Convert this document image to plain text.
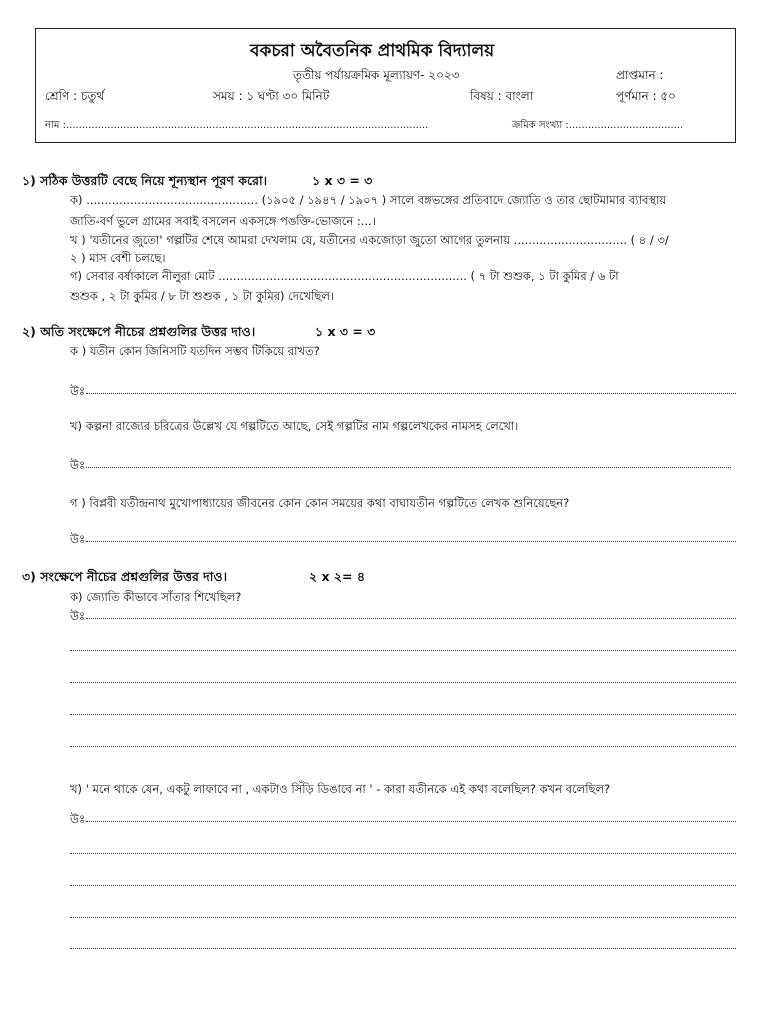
বকচরা অবৈতনিক প্রাথমিক বিদ্যালয়
তৃতীয় পর্যায়ক্রমিক মূল্যায়ণ- ২০২৩	প্রাপ্তমান :
শ্রেণি : চতুর্থ	সময় : ১ ঘণ্টা ৩০ মিনিট	বিষয় : বাংলা	পূর্ণমান : ৫০
নাম :..................................................................................................................	ক্রমিক সংখ্যা :....................................
১) সঠিক উত্তরটি বেছে নিয়ে শূন্যস্থান পূরণ করো।	১ x ৩ = ৩
ক) ............................................... (১৯০৫ / ১৯৪৭ / ১৯০৭ ) সালে বঙ্গভঙ্গের প্রতিবাদে জ্যোতি ও তার ছোটমামার ব্যাবস্থায়
জাতি-বর্ণ ভুলে গ্রামের সবাই বসলেন একসঙ্গে পঙক্তি-ভোজনে :...।
খ ) 'যতীনের জুতো' গল্পটির শেষে আমরা দেখলাম যে, যতীনের একজোড়া জুতো আগের তুলনায় ............................... ( ৪ / ৩/
২ ) মাস বেশী চলছে।
গ) সেবার বর্ষাকালে নীলুরা মোট .................................................................... ( ৭ টা শুশুক, ১ টা কুমির / ৬ টা
শুশুক , ২ টা কুমির / ৮ টা শুশুক , ১ টা কুমির) দেখেছিল।
২) অতি সংক্ষেপে নীচের প্রশ্নগুলির উত্তর দাও।	১ x ৩ = ৩
ক ) যতীন কোন জিনিসটি যতদিন সম্ভব টিকিয়ে রাখত?
উঃ
খ) কল্পনা রাজ্যের চরিত্রের উল্লেখ যে গল্পটিতে আছে, সেই গল্পটির নাম গল্পলেখকের নামসহ লেখো।
উঃ
গ ) বিপ্লবী যতীন্দ্রনাথ মুখোপাধ্যায়ের জীবনের কোন কোন সময়ের কথা বাঘাযতীন গল্পটিতে লেখক শুনিয়েছেন?
উঃ
৩) সংক্ষেপে নীচের প্রশ্নগুলির উত্তর দাও।	২ x ২= ৪
ক) জ্যোতি কীভাবে সাঁতার শিখেছিল?
উঃ
খ) ' মনে থাকে যেন, একটু লাফাবে না , একটাও সিঁড়ি ডিঙাবে না ' - কারা যতীনকে এই কথা বলেছিল? কখন বলেছিল?
উঃ
